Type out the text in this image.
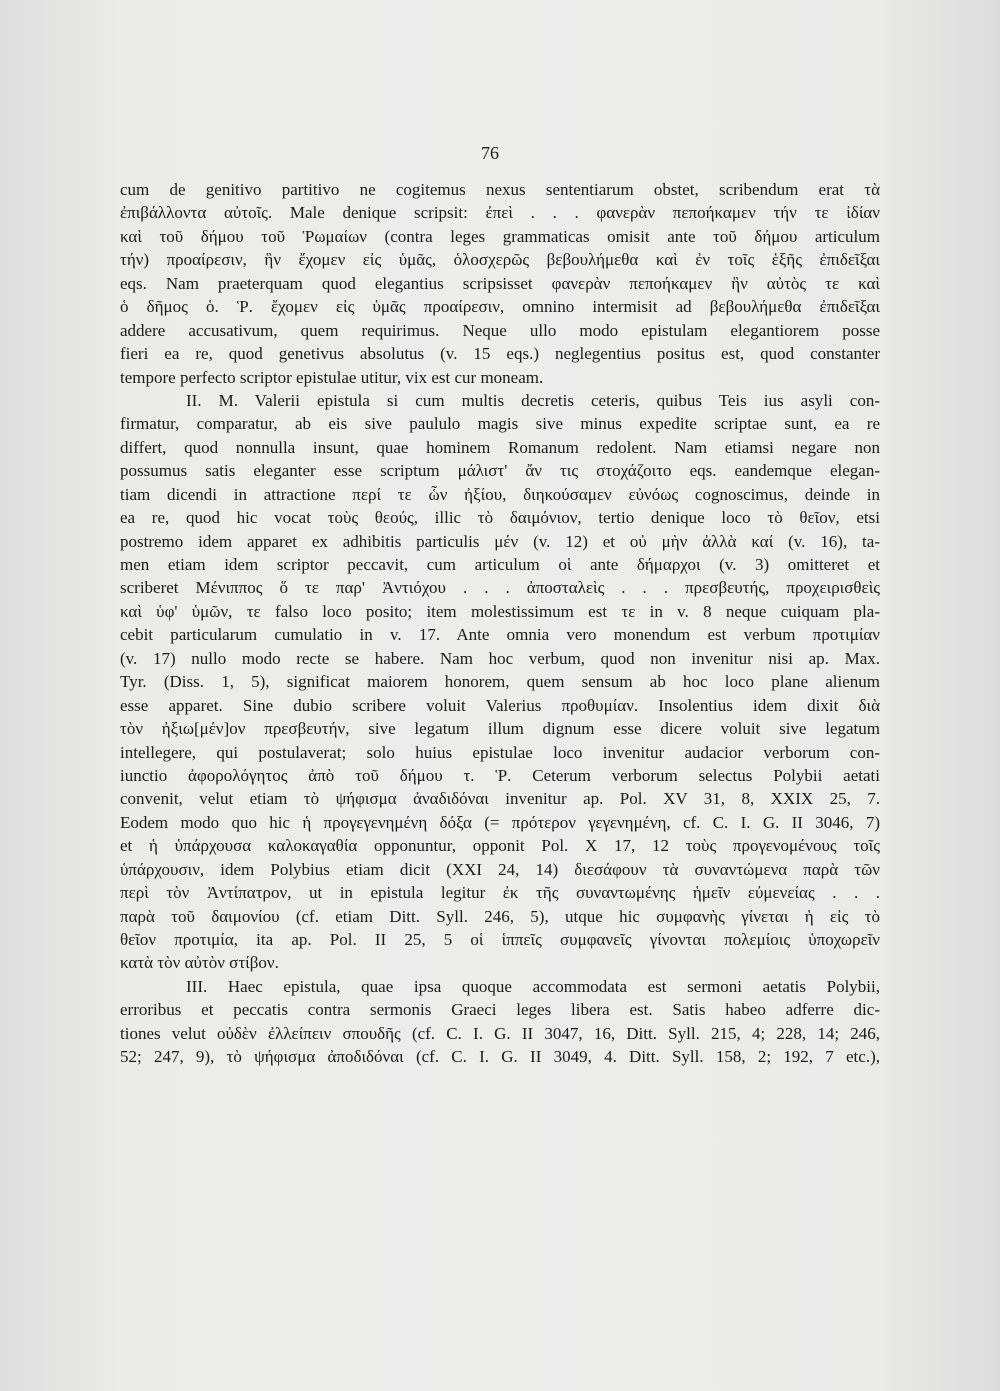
76
cum de genitivo partitivo ne cogitemus nexus sententiarum obstet, scribendum erat τὰ
ἐπιβάλλοντα αὐτοῖς. Male denique scripsit: ἐπεὶ . . . φανερὰν πεποήκαμεν τήν τε ἰδίαν
καὶ τοῦ δήμου τοῦ Ῥωμαίων (contra leges grammaticas omisit ante τοῦ δήμου articulum
τήν) προαίρεσιν, ἣν ἔχομεν εἰς ὑμᾶς, ὁλοσχερῶς βεβουλήμεθα καὶ ἐν τοῖς ἑξῆς ἐπιδεῖξαι
eqs. Nam praeterquam quod elegantius scripsisset φανερὰν πεποήκαμεν ἣν αὐτὸς τε καὶ
ὁ δῆμος ὁ. Ῥ. ἔχομεν εἰς ὑμᾶς προαίρεσιν, omnino intermisit ad βεβουλήμεθα ἐπιδεῖξαι
addere accusativum, quem requirimus. Neque ullo modo epistulam elegantiorem posse
fieri ea re, quod genetivus absolutus (v. 15 eqs.) neglegentius positus est, quod constanter
tempore perfecto scriptor epistulae utitur, vix est cur moneam.
II. M. Valerii epistula si cum multis decretis ceteris, quibus Teis ius asyli con-
firmatur, comparatur, ab eis sive paululo magis sive minus expedite scriptae sunt, ea re
differt, quod nonnulla insunt, quae hominem Romanum redolent. Nam etiamsi negare non
possumus satis eleganter esse scriptum μάλιστ' ἄν τις στοχάζοιτο eqs. eandemque elegan-
tiam dicendi in attractione περί τε ὧν ἠξίου, διηκούσαμεν εὐνόως cognoscimus, deinde in
ea re, quod hic vocat τοὺς θεούς, illic τὸ δαιμόνιον, tertio denique loco τὸ θεῖον, etsi
postremo idem apparet ex adhibitis particulis μέν (v. 12) et οὐ μὴν ἀλλὰ καί (v. 16), ta-
men etiam idem scriptor peccavit, cum articulum οἱ ante δήμαρχοι (v. 3) omitteret et
scriberet Μένιππος ὅ τε παρ' Ἀντιόχου . . . ἀποσταλεὶς . . . πρεσβευτής, προχειρισθεὶς
καὶ ὑφ' ὑμῶν, τε falso loco posito; item molestissimum est τε in v. 8 neque cuiquam pla-
cebit particularum cumulatio in v. 17. Ante omnia vero monendum est verbum προτιμίαν
(v. 17) nullo modo recte se habere. Nam hoc verbum, quod non invenitur nisi ap. Max.
Tyr. (Diss. 1, 5), significat maiorem honorem, quem sensum ab hoc loco plane alienum
esse apparet. Sine dubio scribere voluit Valerius προθυμίαν. Insolentius idem dixit διὰ
τὸν ἠξιω[μέν]ον πρεσβευτήν, sive legatum illum dignum esse dicere voluit sive legatum
intellegere, qui postulaverat; solo huius epistulae loco invenitur audacior verborum con-
iunctio ἀφορολόγητος ἀπὸ τοῦ δήμου τ. Ῥ. Ceterum verborum selectus Polybii aetati
convenit, velut etiam τὸ ψήφισμα ἀναδιδόναι invenitur ap. Pol. XV 31, 8, XXIX 25, 7.
Eodem modo quo hic ἡ προγεγενημένη δόξα (= πρότερον γεγενημένη, cf. C. I. G. II 3046, 7)
et ἡ ὑπάρχουσα καλοκαγαθία opponuntur, opponit Pol. X 17, 12 τοὺς προγενομένους τοῖς
ὑπάρχουσιν, idem Polybius etiam dicit (XXI 24, 14) διεσάφουν τὰ συναντώμενα παρὰ τῶν
περὶ τὸν Ἀντίπατρον, ut in epistula legitur ἐκ τῆς συναντωμένης ἡμεῖν εὐμενείας . . .
παρὰ τοῦ δαιμονίου (cf. etiam Ditt. Syll. 246, 5), utque hic συμφανὴς γίνεται ἡ εἰς τὸ
θεῖον προτιμία, ita ap. Pol. II 25, 5 οἱ ἱππεῖς συμφανεῖς γίνονται πολεμίοις ὑποχωρεῖν
κατὰ τὸν αὐτὸν στίβον.
III. Haec epistula, quae ipsa quoque accommodata est sermoni aetatis Polybii,
erroribus et peccatis contra sermonis Graeci leges libera est. Satis habeo adferre dic-
tiones velut οὐδὲν ἐλλείπειν σπουδῆς (cf. C. I. G. II 3047, 16, Ditt. Syll. 215, 4; 228, 14; 246,
52; 247, 9), τὸ ψήφισμα ἀποδιδόναι (cf. C. I. G. II 3049, 4. Ditt. Syll. 158, 2; 192, 7 etc.),
